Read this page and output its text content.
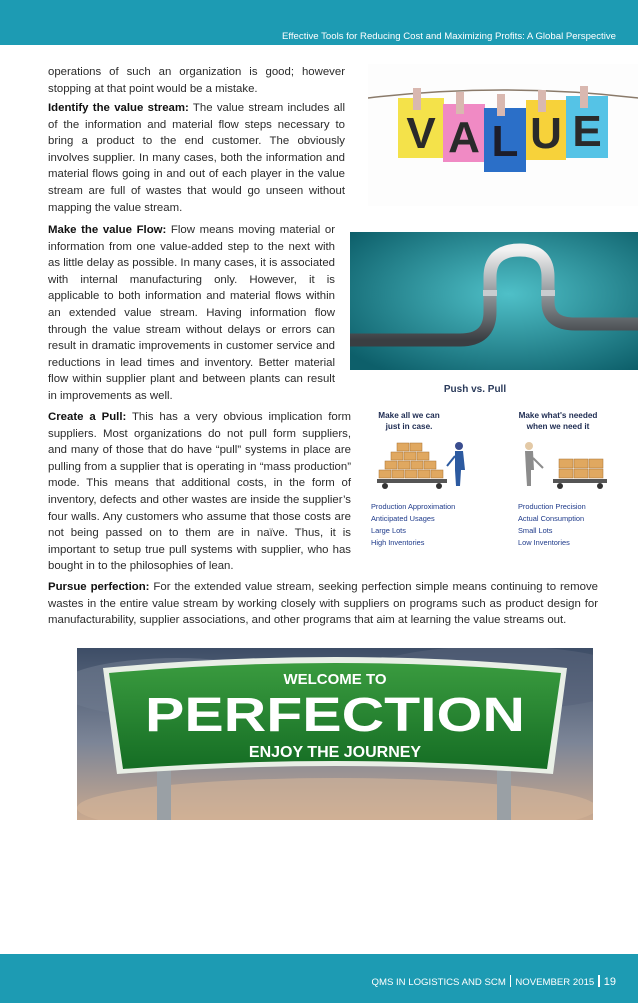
Effective Tools for Reducing Cost and Maximizing Profits: A Global Perspective
operations of such an organization is good; however stopping at that point would be a mistake.
Identify the value stream: The value stream includes all of the information and material flow steps necessary to bring a product to the end customer. The obviously involves supplier. In many cases, both the information and material flows going in and out of each player in the value stream are full of wastes that would go unseen without mapping the value stream.
Make the value Flow: Flow means moving material or information from one value-added step to the next with as little delay as possible. In many cases, it is associated with internal manufacturing only. However, it is applicable to both information and material flows within an extended value stream. Having information flow through the value stream without delays or errors can result in dramatic improvements in customer service and reductions in lead times and inventory. Better material flow within supplier plant and between plants can result in improvements as well.
Create a Pull: This has a very obvious implication form suppliers. Most organizations do not pull form suppliers, and many of those that do have “pull” systems in place are pulling from a supplier that is operating in “mass production” mode. This means that additional costs, in the form of inventory, defects and other wastes are inside the supplier’s four walls. Any customers who assume that those costs are not being passed on to them are in naïve. Thus, it is important to setup true pull systems with supplier, who has bought in to the philosophies of lean.
Pursue perfection: For the extended value stream, seeking perfection simple means continuing to remove wastes in the entire value stream by working closely with suppliers on programs such as product design for manufacturability, supplier associations, and other programs that aim at learning the value streams out.
V A L U E
Push vs. Pull
Make all we can
just in case.
Make what's needed
when we need it
Production Approximation
Anticipated Usages
Large Lots
High Inventories
Production Precision
Actual Consumption
Small Lots
Low Inventories
WELCOME TO
PERFECTION
ENJOY THE JOURNEY
QMS IN LOGISTICS AND SCM NOVEMBER 2015 19
